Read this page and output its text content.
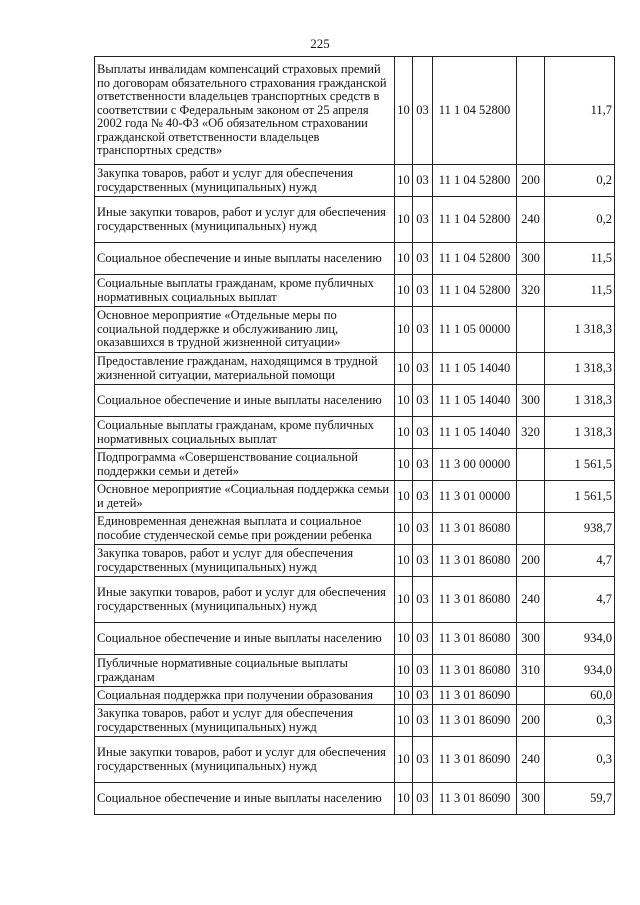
225
Выплаты инвалидам компенсаций страховых премий по договорам обязательного страхования гражданской ответственности владельцев транспортных средств в соответствии с Федеральным законом от 25 апреля 2002 года № 40-ФЗ «Об обязательном страховании гражданской ответственности владельцев транспортных средств»	10	03	11 1 04 52800		11,7
Закупка товаров, работ и услуг для обеспечения государственных (муниципальных) нужд	10	03	11 1 04 52800	200	0,2
Иные закупки товаров, работ и услуг для обеспечения государственных (муниципальных) нужд	10	03	11 1 04 52800	240	0,2
Социальное обеспечение и иные выплаты населению	10	03	11 1 04 52800	300	11,5
Социальные выплаты гражданам, кроме публичных нормативных социальных выплат	10	03	11 1 04 52800	320	11,5
Основное мероприятие «Отдельные меры по социальной поддержке и обслуживанию лиц, оказавшихся в трудной жизненной ситуации»	10	03	11 1 05 00000		1 318,3
Предоставление гражданам, находящимся в трудной жизненной ситуации, материальной помощи	10	03	11 1 05 14040		1 318,3
Социальное обеспечение и иные выплаты населению	10	03	11 1 05 14040	300	1 318,3
Социальные выплаты гражданам, кроме публичных нормативных социальных выплат	10	03	11 1 05 14040	320	1 318,3
Подпрограмма «Совершенствование социальной поддержки семьи и детей»	10	03	11 3 00 00000		1 561,5
Основное мероприятие «Социальная поддержка семьи и детей»	10	03	11 3 01 00000		1 561,5
Единовременная денежная выплата и социальное пособие студенческой семье при рождении ребенка	10	03	11 3 01 86080		938,7
Закупка товаров, работ и услуг для обеспечения государственных (муниципальных) нужд	10	03	11 3 01 86080	200	4,7
Иные закупки товаров, работ и услуг для обеспечения государственных (муниципальных) нужд	10	03	11 3 01 86080	240	4,7
Социальное обеспечение и иные выплаты населению	10	03	11 3 01 86080	300	934,0
Публичные нормативные социальные выплаты гражданам	10	03	11 3 01 86080	310	934,0
Социальная поддержка при получении образования	10	03	11 3 01 86090		60,0
Закупка товаров, работ и услуг для обеспечения государственных (муниципальных) нужд	10	03	11 3 01 86090	200	0,3
Иные закупки товаров, работ и услуг для обеспечения государственных (муниципальных) нужд	10	03	11 3 01 86090	240	0,3
Социальное обеспечение и иные выплаты населению	10	03	11 3 01 86090	300	59,7
